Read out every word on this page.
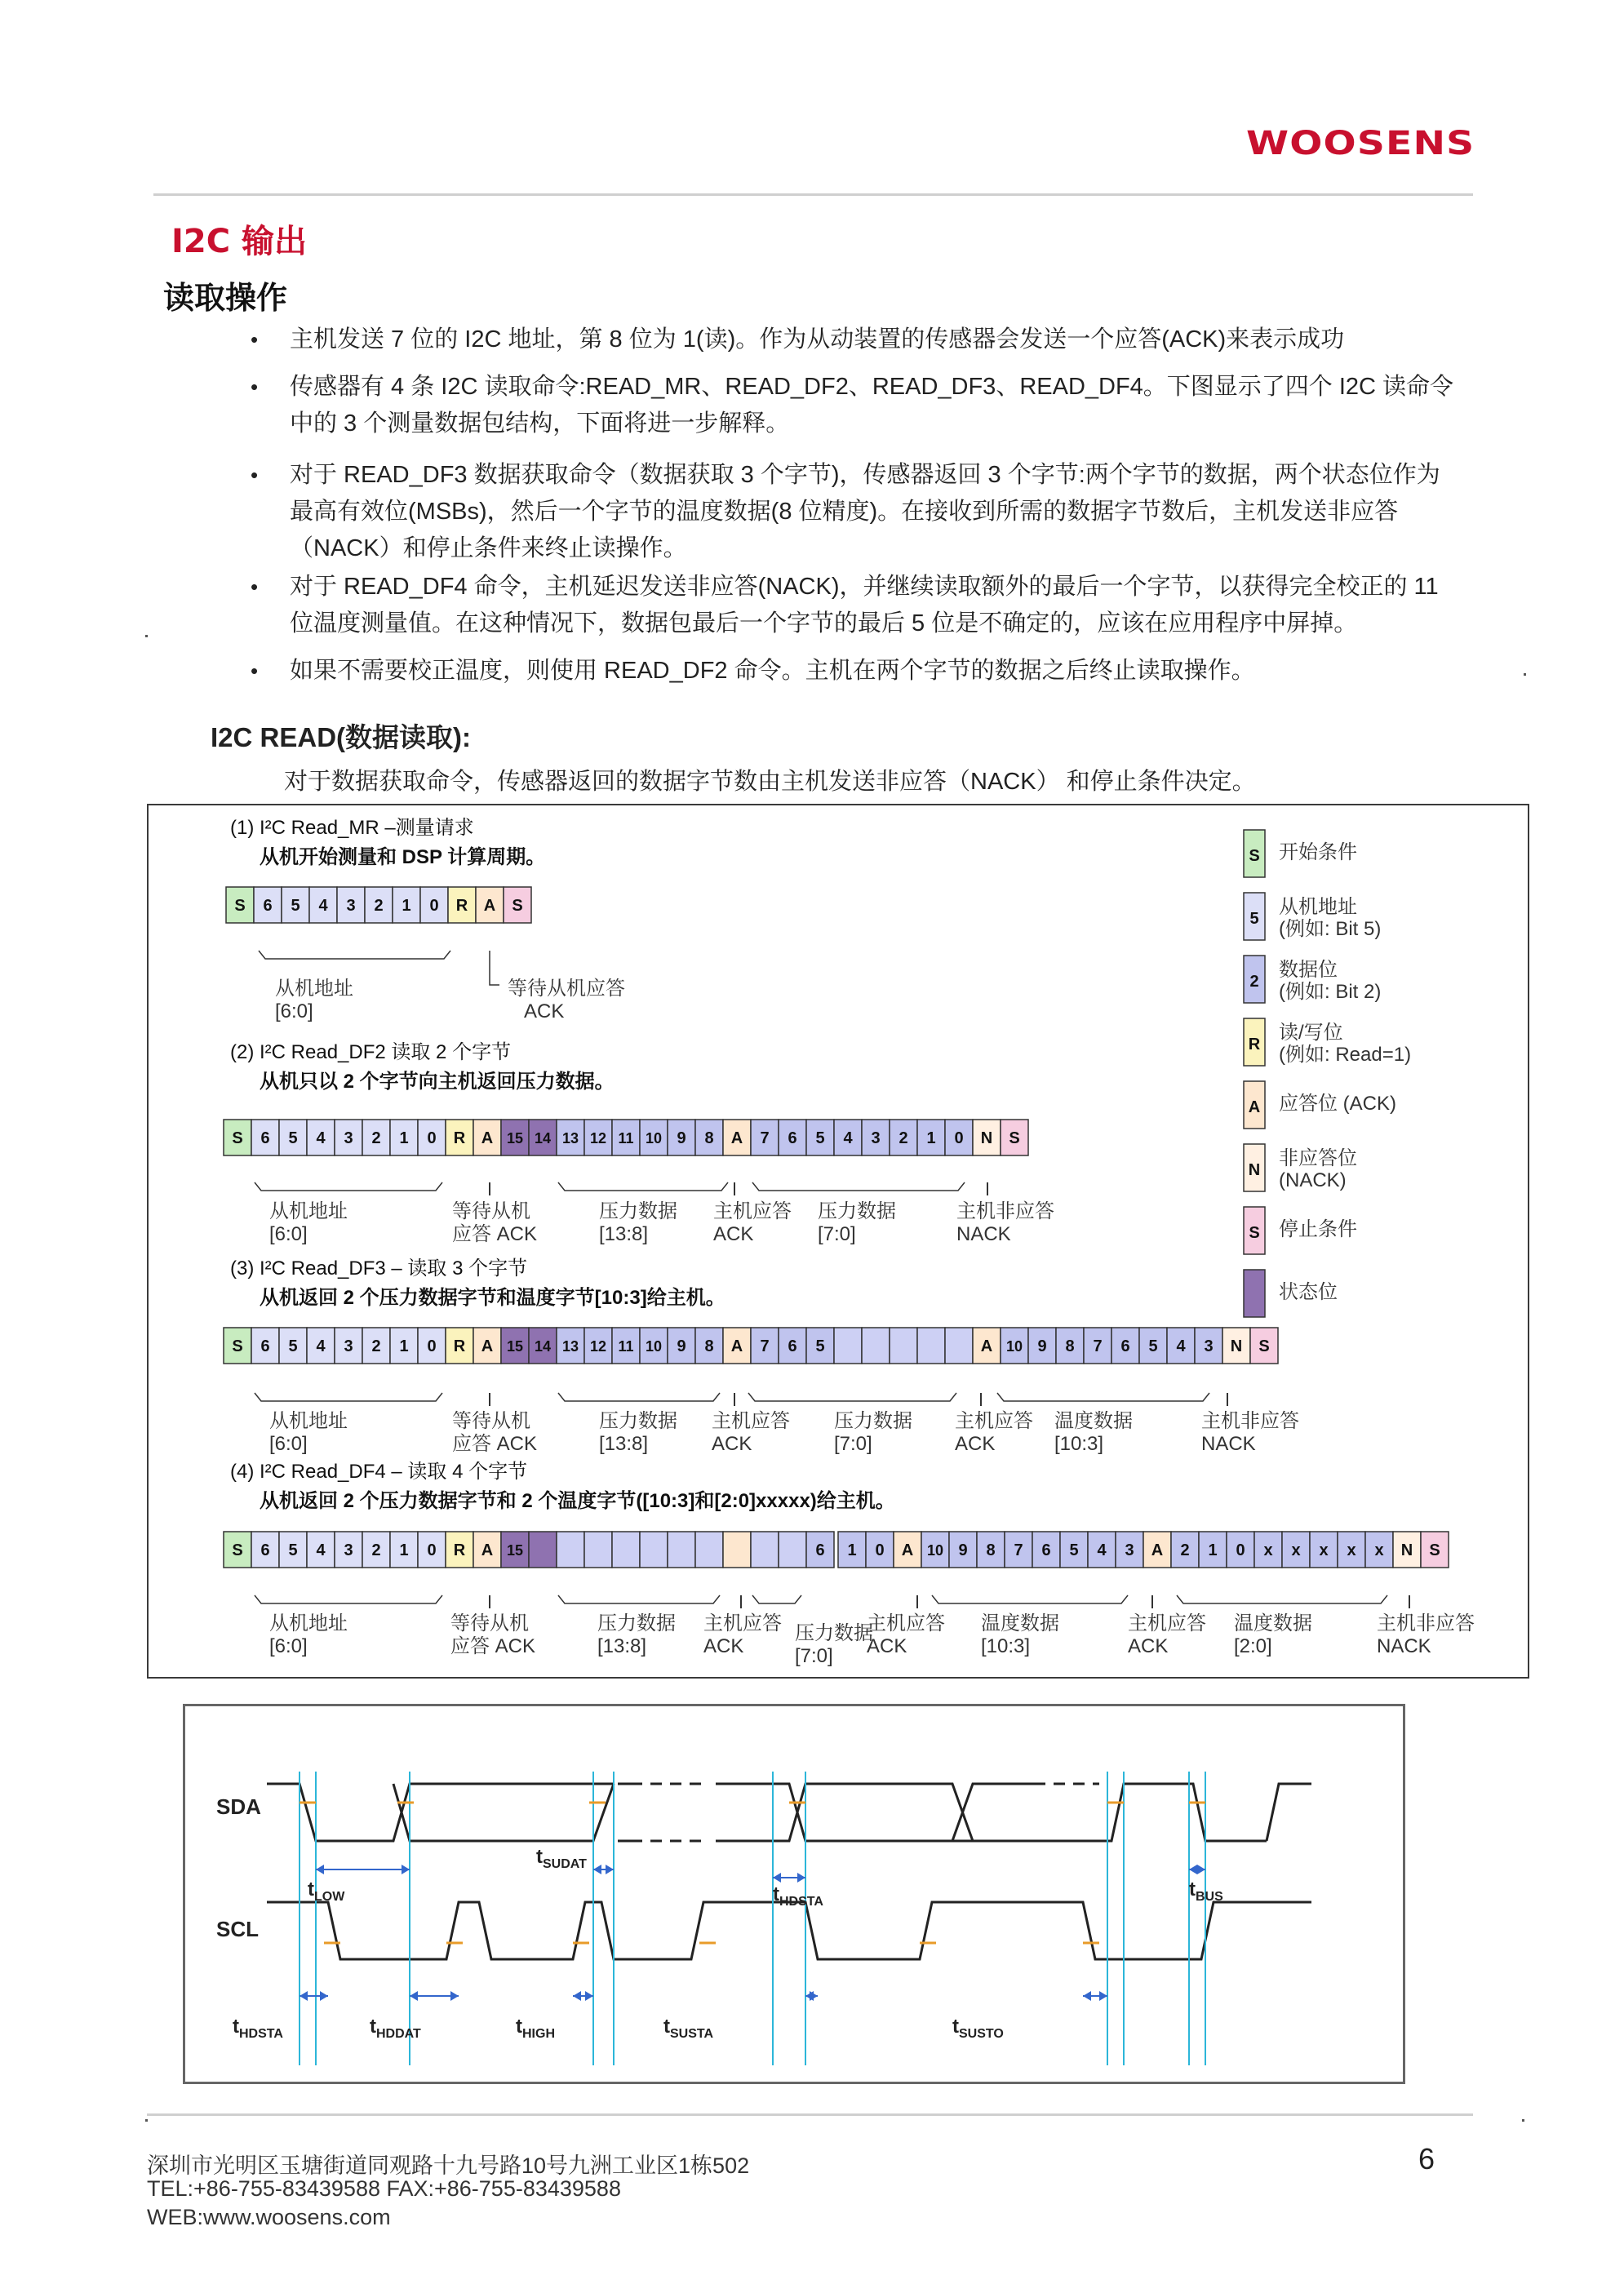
WOOSENS
I2C 输出
读取操作
• 主机发送 7 位的 I2C 地址，第 8 位为 1(读)。作为从动装置的传感器会发送一个应答(ACK)来表示成功
• 传感器有 4 条 I2C 读取命令:READ_MR、READ_DF2、READ_DF3、READ_DF4。下图显示了四个 I2C 读命令中的 3 个测量数据包结构，下面将进一步解释。
• 对于 READ_DF3 数据获取命令（数据获取 3 个字节)，传感器返回 3 个字节:两个字节的数据，两个状态位作为最高有效位(MSBs)，然后一个字节的温度数据(8 位精度)。在接收到所需的数据字节数后，主机发送非应答（NACK）和停止条件来终止读操作。
• 对于 READ_DF4 命令，主机延迟发送非应答(NACK)，并继续读取额外的最后一个字节，以获得完全校正的 11 位温度测量值。在这种情况下，数据包最后一个字节的最后 5 位是不确定的，应该在应用程序中屏掉。
• 如果不需要校正温度，则使用 READ_DF2 命令。主机在两个字节的数据之后终止读取操作。
I2C READ(数据读取):
对于数据获取命令，传感器返回的数据字节数由主机发送非应答（NACK） 和停止条件决定。
(1) I²C Read_MR –测量请求
从机开始测量和 DSP 计算周期。
S 6 5 4 3 2 1 0 R A S
从机地址
[6:0]
等待从机应答
ACK
(2) I²C Read_DF2 读取 2 个字节
从机只以 2 个字节向主机返回压力数据。
S 6 5 4 3 2 1 0 R A 15 14 13 12 11 10 9 8 A 7 6 5 4 3 2 1 0 N S
从机地址
[6:0]
等待从机
应答 ACK
压力数据
[13:8]
主机应答
ACK
压力数据
[7:0]
主机非应答
NACK
(3) I²C Read_DF3 – 读取 3 个字节
从机返回 2 个压力数据字节和温度字节[10:3]给主机。
S 6 5 4 3 2 1 0 R A 15 14 13 12 11 10 9 8 A 7 6 5	A 10 9 8 7 6 5 4 3 N S
从机地址
[6:0]
等待从机
应答 ACK
压力数据
[13:8]
主机应答
ACK
压力数据
[7:0]
主机应答
ACK
温度数据
[10:3]
主机非应答
NACK
(4) I²C Read_DF4 – 读取 4 个字节
从机返回 2 个压力数据字节和 2 个温度字节([10:3]和[2:0]xxxxx)给主机。
S 6 5 4 3 2 1 0 R A 15	6 1 0 A 10 9 8 7 6 5 4 3 A 2 1 0 x x x x x N S
从机地址
[6:0]
等待从机
应答 ACK
压力数据
[13:8]
主机应答
ACK
压力数据
[7:0]
主机应答
ACK
温度数据
[10:3]
主机应答
ACK
温度数据
[2:0]
主机非应答
NACK
S 开始条件
5
从机地址
(例如: Bit 5)
2
数据位
(例如: Bit 2)
R
读/写位
(例如: Read=1)
A 应答位 (ACK)
N
非应答位
(NACK)
S 停止条件
状态位
SDA
SCL
$t_{LOW}$
$t_{SUDAT}$
$t_{HDSTA}$
$t_{BUS}$
$t_{HDSTA}$	$t_{HDDAT}$	$t_{HIGH}$	$t_{SUSTA}$	$t_{SUSTO}$
深圳市光明区玉塘街道同观路十九号路10号九洲工业区1栋502
TEL:+86-755-83439588 FAX:+86-755-83439588
WEB:www.woosens.com
6
